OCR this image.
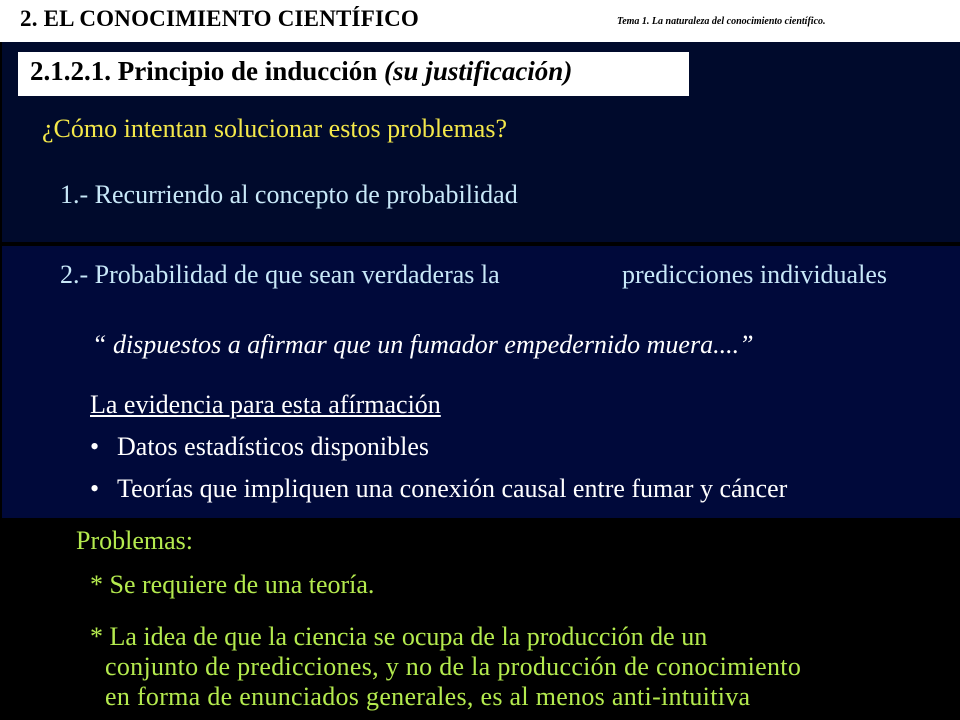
2. EL CONOCIMIENTO CIENTÍFICO	Tema 1. La naturaleza del conocimiento científico.
2.1.2.1. Principio de inducción (su justificación)
¿Cómo intentan solucionar estos problemas?
1.- Recurriendo al concepto de probabilidad
2.- Probabilidad de que sean verdaderas la	predicciones individuales
“ dispuestos a afirmar que un fumador empedernido muera....”
La evidencia para esta afírmación
• Datos estadísticos disponibles
• Teorías que impliquen una conexión causal entre fumar y cáncer
Problemas:
* Se requiere de una teoría.
* La idea de que la ciencia se ocupa de la producción de un
conjunto de predicciones, y no de la producción de conocimiento
en forma de enunciados generales, es al menos anti-intuitiva
